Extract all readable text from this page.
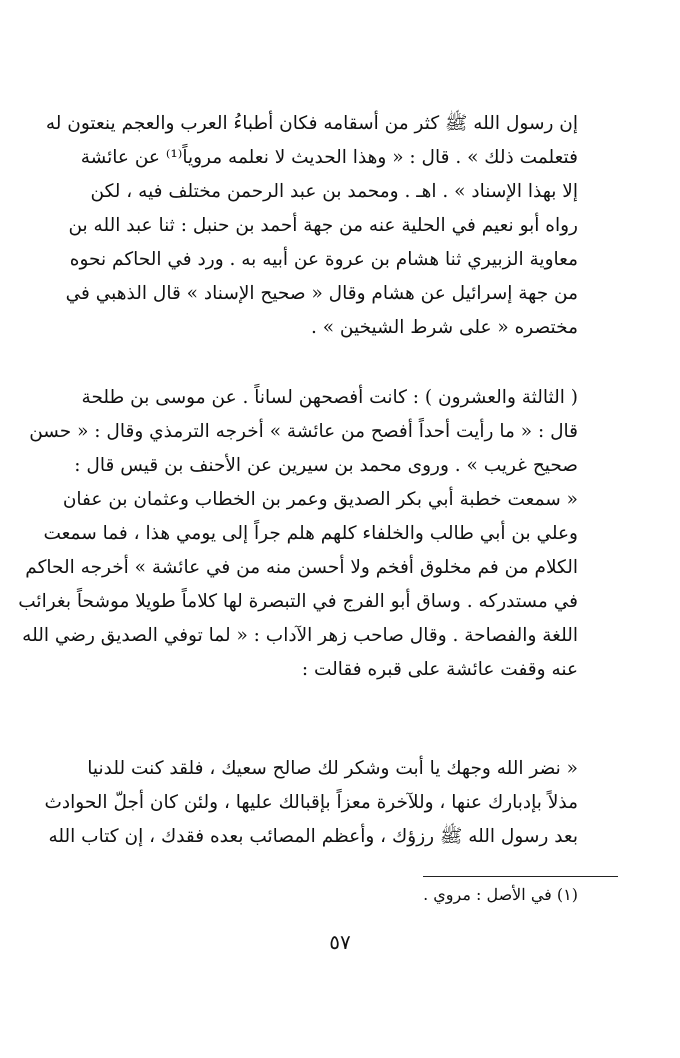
إن رسول الله ﷺ كثر من أسقامه فكان أطباءُ العرب والعجم ينعتون له
فتعلمت ذلك » . قال : « وهذا الحديث لا نعلمه مروياً⁽¹⁾ عن عائشة
إلا بهذا الإسناد » . اهـ . ومحمد بن عبد الرحمن مختلف فيه ، لكن
رواه أبو نعيم في الحلية عنه من جهة أحمد بن حنبل : ثنا عبد الله بن
معاوية الزبيري ثنا هشام بن عروة عن أبيه به . ورد في الحاكم نحوه
من جهة إسرائيل عن هشام وقال « صحيح الإسناد » قال الذهبي في
مختصره « على شرط الشيخين » .
( الثالثة والعشرون ) : كانت أفصحهن لساناً . عن موسى بن طلحة
قال : « ما رأيت أحداً أفصح من عائشة » أخرجه الترمذي وقال : « حسن
صحيح غريب » . وروى محمد بن سيرين عن الأحنف بن قيس قال :
« سمعت خطبة أبي بكر الصديق وعمر بن الخطاب وعثمان بن عفان
وعلي بن أبي طالب والخلفاء كلهم هلم جراً إلى يومي هذا ، فما سمعت
الكلام من فم مخلوق أفخم ولا أحسن منه من في عائشة » أخرجه الحاكم
في مستدركه . وساق أبو الفرج في التبصرة لها كلاماً طويلا موشحاً بغرائب
اللغة والفصاحة . وقال صاحب زهر الآداب : « لما توفي الصديق رضي الله
عنه وقفت عائشة على قبره فقالت :
« نضر الله وجهك يا أبت وشكر لك صالح سعيك ، فلقد كنت للدنيا
مذلاً بإدبارك عنها ، وللآخرة معزاً بإقبالك عليها ، ولئن كان أجلّ الحوادث
بعد رسول الله ﷺ رزؤك ، وأعظم المصائب بعده فقدك ، إن كتاب الله
(١) في الأصل : مروي .
٥٧
